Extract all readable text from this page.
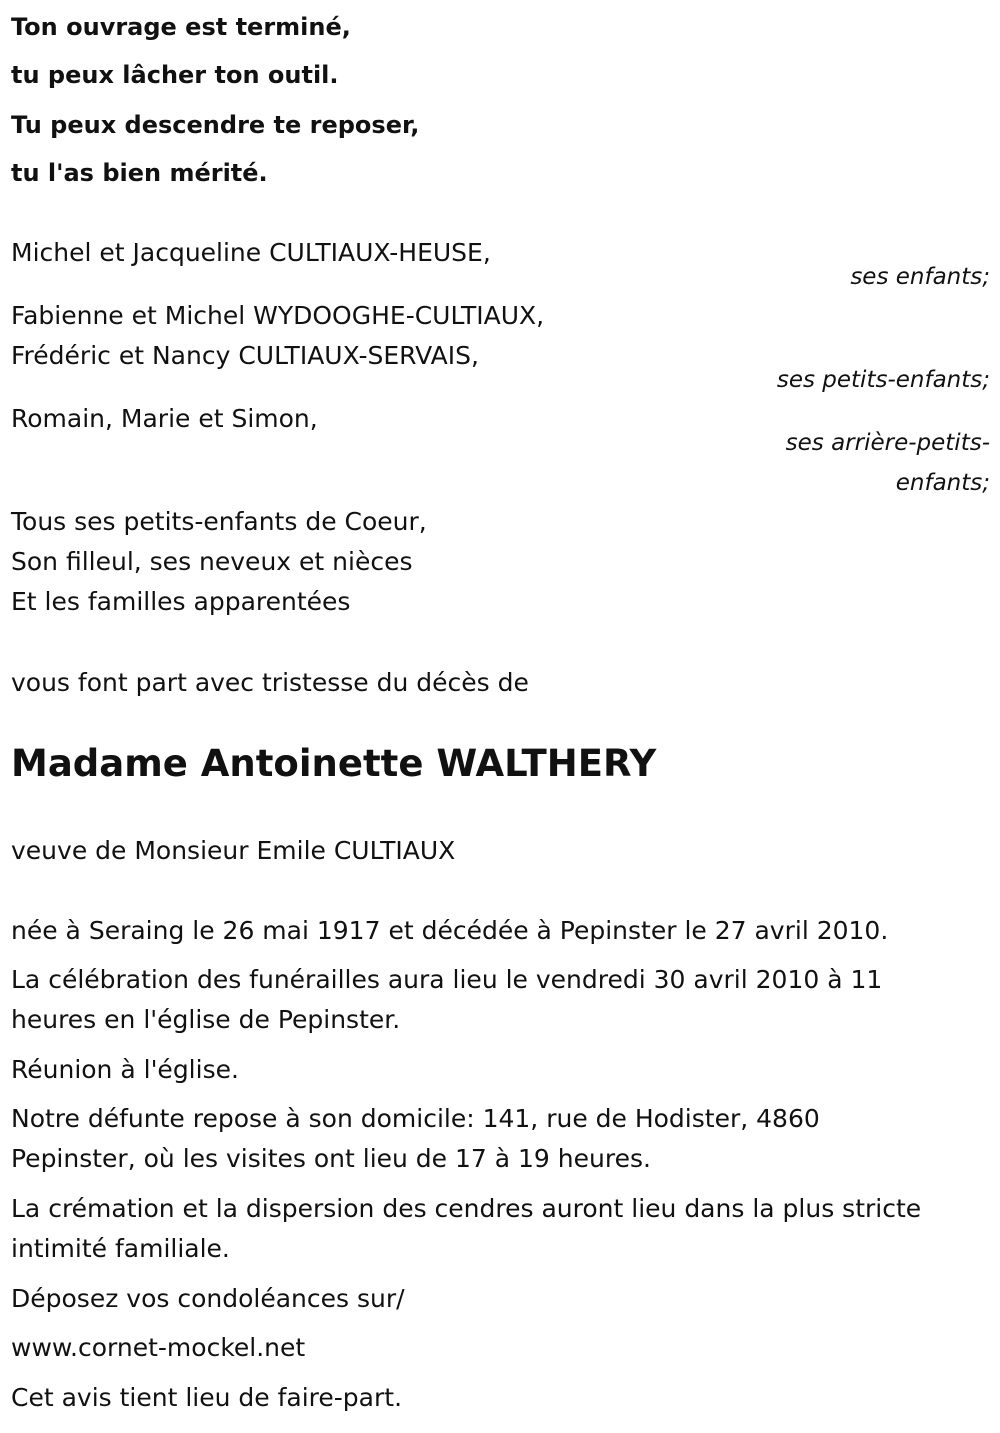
Ton ouvrage est terminé,
tu peux lâcher ton outil.
Tu peux descendre te reposer,
tu l'as bien mérité.
Michel et Jacqueline CULTIAUX-HEUSE,
ses enfants;
Fabienne et Michel WYDOOGHE-CULTIAUX,
Frédéric et Nancy CULTIAUX-SERVAIS,
ses petits-enfants;
Romain, Marie et Simon,
ses arrière-petits-
enfants;
Tous ses petits-enfants de Coeur,
Son filleul, ses neveux et nièces
Et les familles apparentées
vous font part avec tristesse du décès de
Madame Antoinette WALTHERY
veuve de Monsieur Emile CULTIAUX
née à Seraing le 26 mai 1917 et décédée à Pepinster le 27 avril 2010.
La célébration des funérailles aura lieu le vendredi 30 avril 2010 à 11
heures en l'église de Pepinster.
Réunion à l'église.
Notre défunte repose à son domicile: 141, rue de Hodister, 4860
Pepinster, où les visites ont lieu de 17 à 19 heures.
La crémation et la dispersion des cendres auront lieu dans la plus stricte
intimité familiale.
Déposez vos condoléances sur/
www.cornet-mockel.net
Cet avis tient lieu de faire-part.
